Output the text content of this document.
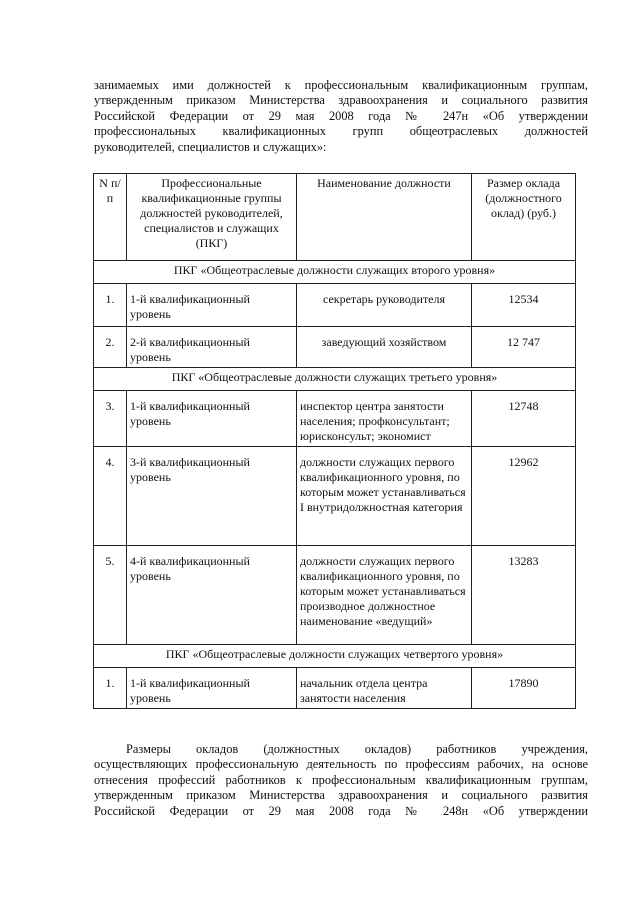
занимаемых ими должностей к профессиональным квалификационным группам,
утвержденным приказом Министерства здравоохранения и социального развития
Российской Федерации от 29 мая 2008 года № 247н «Об утверждении
профессиональных квалификационных групп общеотраслевых должностей
руководителей, специалистов и служащих»:
N п/п	Профессиональные квалификационные группы должностей руководителей, специалистов и служащих (ПКГ)	Наименование должности	Размер оклада (должностного оклад) (руб.)
ПКГ «Общеотраслевые должности служащих второго уровня»			
1.	1-й квалификационный уровень	секретарь руководителя	12534
2.	2-й квалификационный уровень	заведующий хозяйством	12 747
ПКГ «Общеотраслевые должности служащих третьего уровня»			
3.	1-й квалификационный уровень	инспектор центра занятости населения; профконсультант; юрисконсульт; экономист	12748
4.	3-й квалификационный уровень	должности служащих первого квалификационного уровня, по которым может устанавливаться I внутридолжностная категория	12962
5.	4-й квалификационный уровень	должности служащих первого квалификационного уровня, по которым может устанавливаться производное должностное наименование «ведущий»	13283
ПКГ «Общеотраслевые должности служащих четвертого уровня»			
1.	1-й квалификационный уровень	начальник отдела центра занятости населения	17890
Размеры окладов (должностных окладов) работников учреждения,
осуществляющих профессиональную деятельность по профессиям рабочих, на основе
отнесения профессий работников к профессиональным квалификационным группам,
утвержденным приказом Министерства здравоохранения и социального развития
Российской Федерации от 29 мая 2008 года № 248н «Об утверждении
